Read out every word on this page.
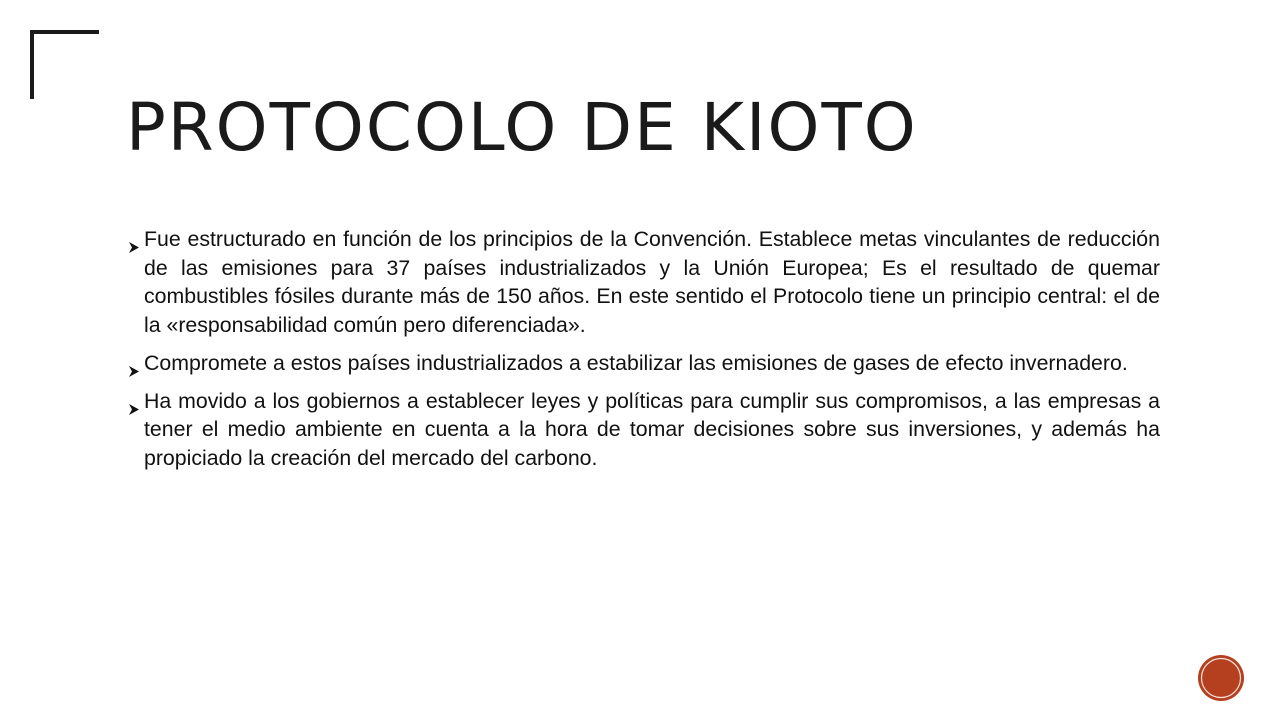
PROTOCOLO DE KIOTO
Fue estructurado en función de los principios de la Convención. Establece metas vinculantes de reducción de las emisiones para 37 países industrializados y la Unión Europea; Es el resultado de quemar combustibles fósiles durante más de 150 años. En este sentido el Protocolo tiene un principio central: el de la «responsabilidad común pero diferenciada».
Compromete a estos países industrializados a estabilizar las emisiones de gases de efecto invernadero.
Ha movido a los gobiernos a establecer leyes y políticas para cumplir sus compromisos, a las empresas a tener el medio ambiente en cuenta a la hora de tomar decisiones sobre sus inversiones, y además ha propiciado la creación del mercado del carbono.
